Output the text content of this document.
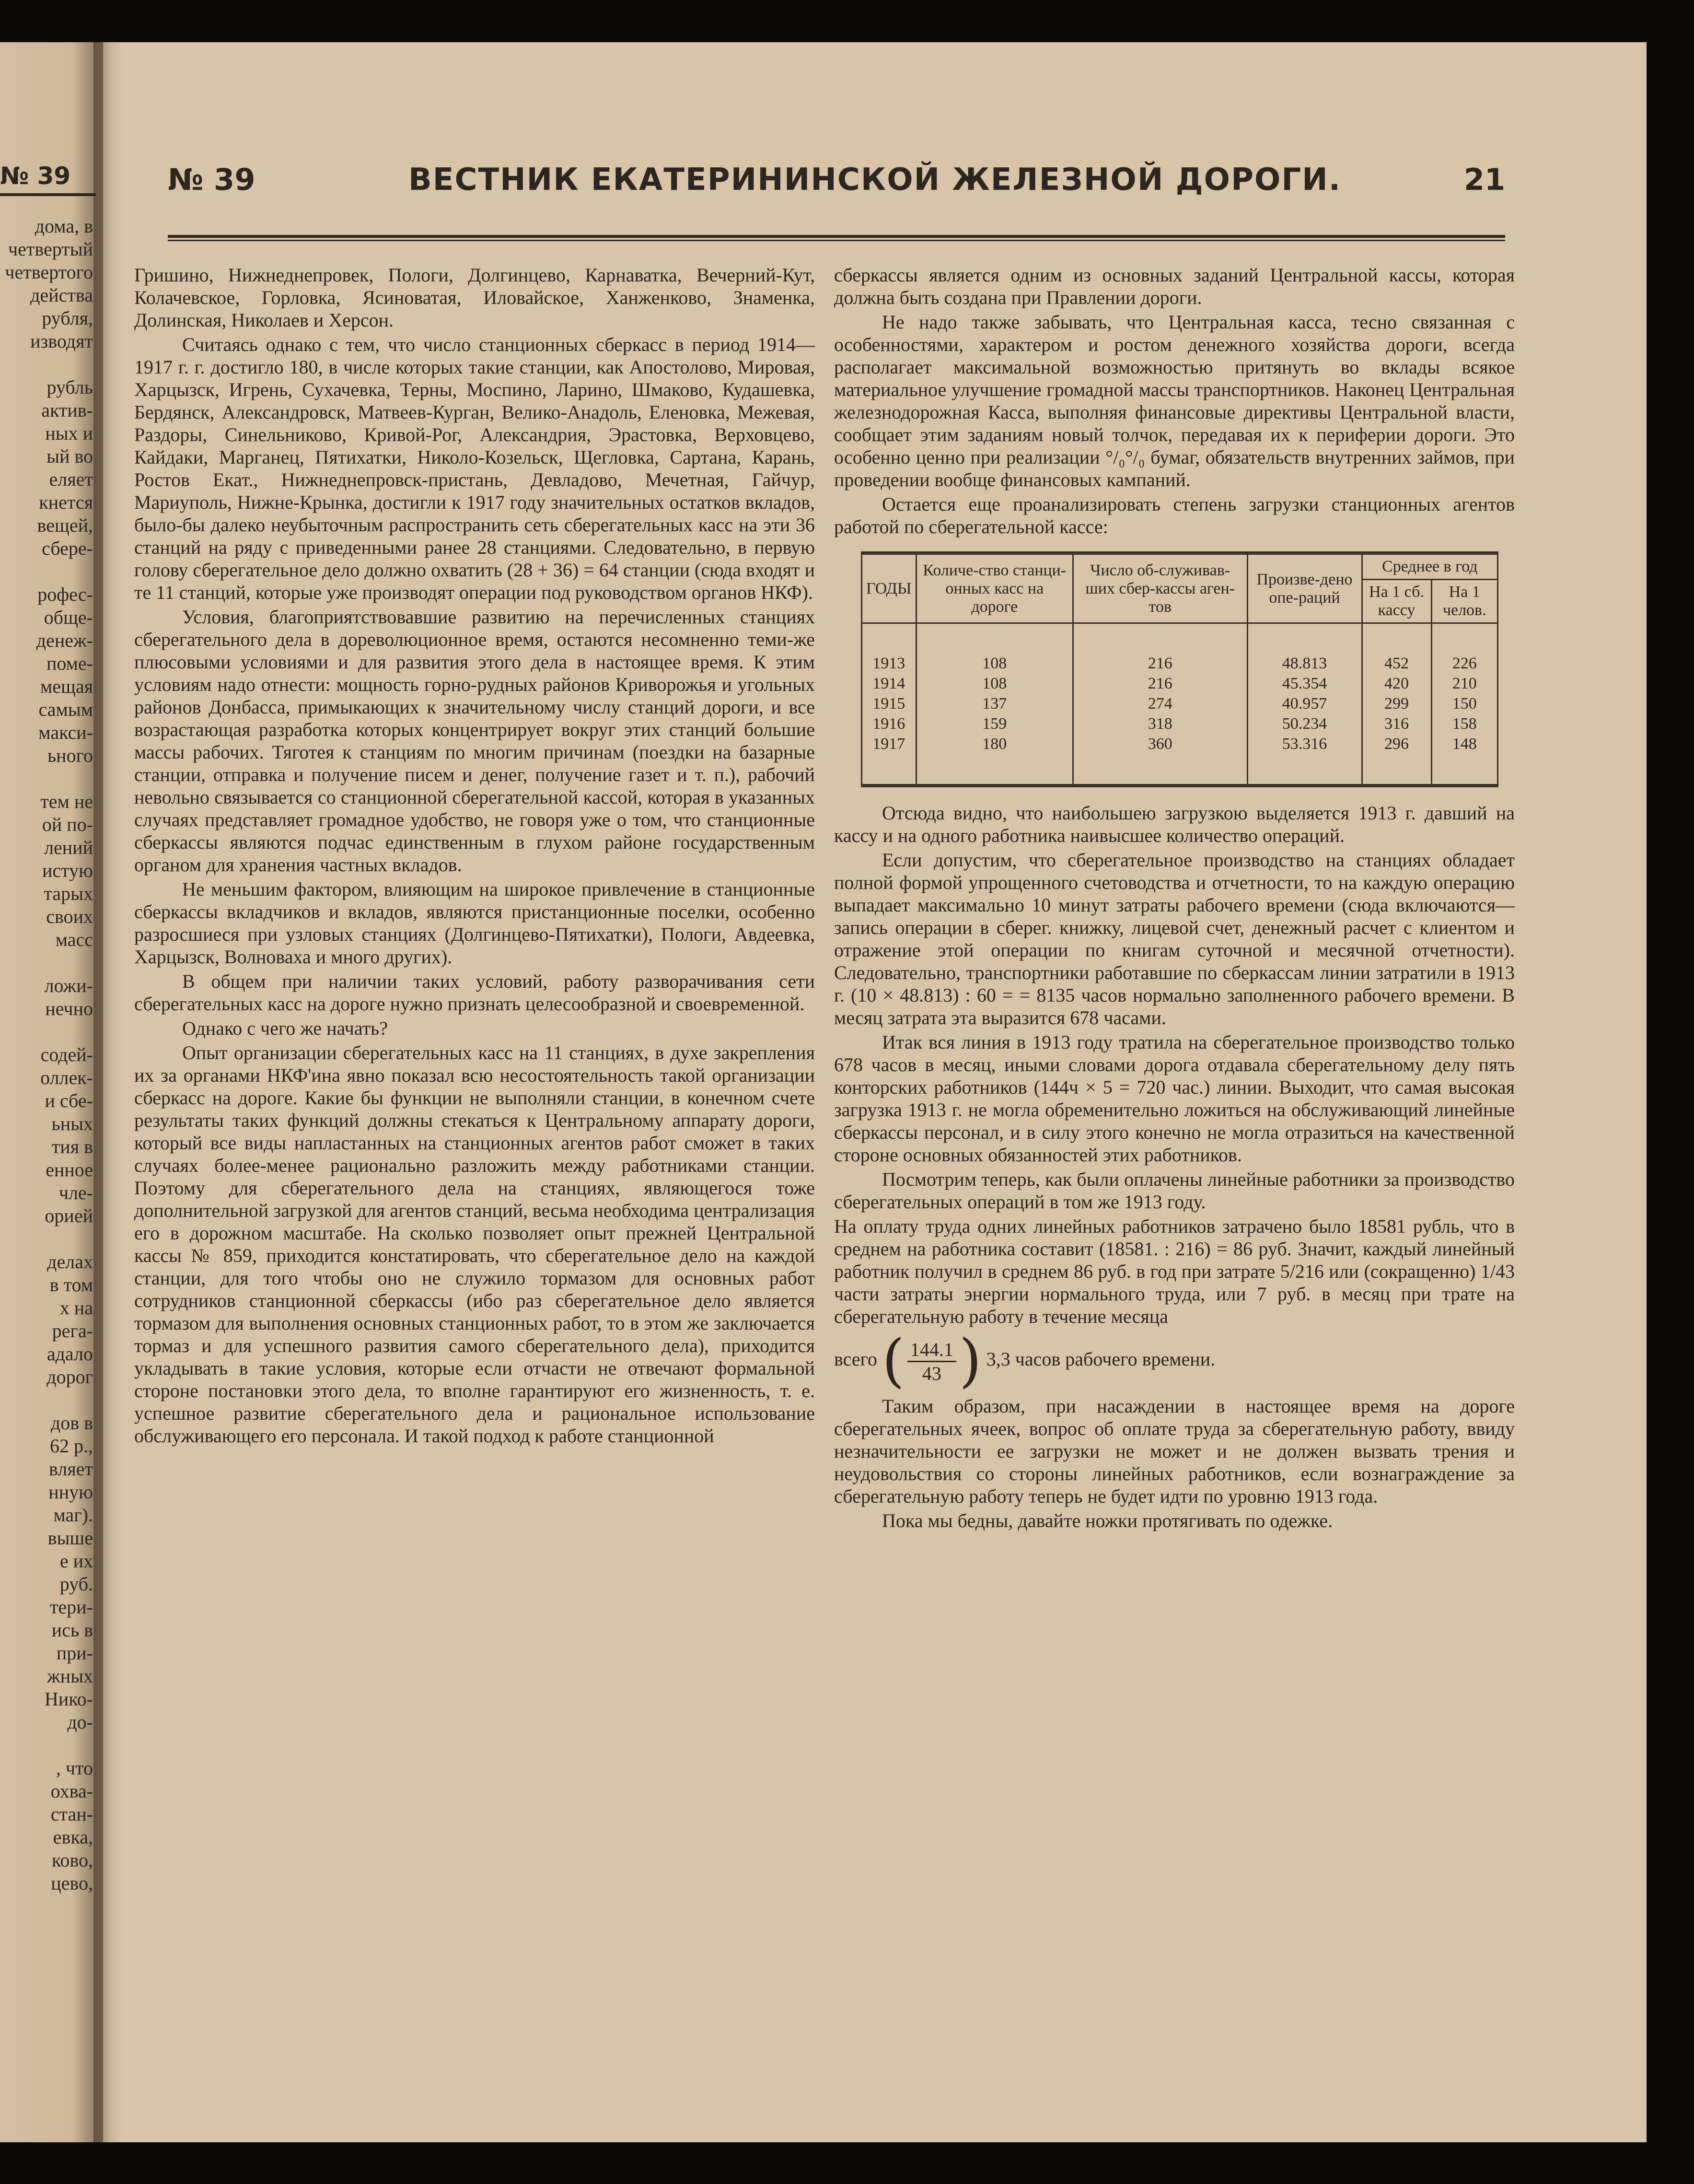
№ 39
дома, в
четвертый
четвертого
действа
рубля,
изводят
рубль
актив-
ных и
ый во
еляет
кнется
вещей,
сбере-
рофес-
обще-
денеж-
поме-
мещая
самым
макси-
ьного
тем не
ой по-
лений
истую
тарых
своих
масс
ложи-
нечно
содей-
оллек-
и сбе-
ьных
тия в
енное
члe-
орией
делах
в том
х на
рега-
адало
дорог
дов в
62 р.,
вляет
нную
маг).
выше
е их
руб.
тери-
ись в
при-
жных
Нико-
до-
, что
охва-
стан-
евка,
ково,
цево,
№ 39	ВЕСТНИК ЕКАТЕРИНИНСКОЙ ЖЕЛЕЗНОЙ ДОРОГИ.	21

Гришино, Нижнеднепровек, Пологи, Долгинцево, Карнаватка, Вечерний-Кут, Колачевское, Горловка, Ясиноватая, Иловайское, Ханженково, Знаменка, Долинская, Николаев и Херсон.

Считаясь однако с тем, что число станционных сберкасс в период 1914—1917 г. г. достигло 180, в числе которых такие станции, как Апостолово, Мировая, Харцызск, Игрень, Сухачевка, Терны, Моспино, Ларино, Шмаково, Кудашевка, Бердянск, Александровск, Матвеев-Курган, Велико-Анадоль, Еленовка, Межевая, Раздоры, Синельниково, Кривой-Рог, Александрия, Эрастовка, Верховцево, Кайдаки, Марганец, Пятихатки, Николо-Козельск, Щегловка, Сартана, Карань, Ростов Екат., Нижнеднепровск-пристань, Девладово, Мечетная, Гайчур, Мариуполь, Нижне-Крынка, достигли к 1917 году значительных остатков вкладов, было-бы далеко неубыточным распространить сеть сберегательных касс на эти 36 станций на ряду с приведенными ранее 28 станциями. Следовательно, в первую голову сберегательное дело должно охватить (28 + 36) = 64 станции (сюда входят и те 11 станций, которые уже производят операции под руководством органов НКФ).

Условия, благоприятствовавшие развитию на перечисленных станциях сберегательного дела в дореволюционное время, остаются несомненно теми-же плюсовыми условиями и для развития этого дела в настоящее время. К этим условиям надо отнести: мощность горно-рудных районов Криворожья и угольных районов Донбасса, примыкающих к значительному числу станций дороги, и все возрастающая разработка которых концентрирует вокруг этих станций большие массы рабочих. Тяготея к станциям по многим причинам (поездки на базарные станции, отправка и получение писем и денег, получение газет и т. п.), рабочий невольно связывается со станционной сберегательной кассой, которая в указанных случаях представляет громадное удобство, не говоря уже о том, что станционные сберкассы являются подчас единственным в глухом районе государственным органом для хранения частных вкладов.

Не меньшим фактором, влияющим на широкое привлечение в станционные сберкассы вкладчиков и вкладов, являются пристанционные поселки, особенно разросшиеся при узловых станциях (Долгинцево-Пятихатки), Пологи, Авдеевка, Харцызск, Волноваха и много других).

В общем при наличии таких условий, работу разворачивания сети сберегательных касс на дороге нужно признать целесообразной и своевременной.

Однако с чего же начать?

Опыт организации сберегательных касс на 11 станциях, в духе закрепления их за органами НКФ'ина явно показал всю несостоятельность такой организации сберкасс на дороге. Какие бы функции не выполняли станции, в конечном счете результаты таких функций должны стекаться к Центральному аппарату дороги, который все виды напластанных на станционных агентов работ сможет в таких случаях более-менее рационально разложить между работниками станции. Поэтому для сберегательного дела на станциях, являющегося тоже дополнительной загрузкой для агентов станций, весьма необходима централизация его в дорожном масштабе. На сколько позволяет опыт прежней Центральной кассы № 859, приходится констатировать, что сберегательное дело на каждой станции, для того чтобы оно не служило тормазом для основных работ сотрудников станционной сберкассы (ибо раз сберегательное дело является тормазом для выполнения основных станционных работ, то в этом же заключается тормаз и для успешного развития самого сберегательного дела), приходится укладывать в такие условия, которые если отчасти не отвечают формальной стороне постановки этого дела, то вполне гарантируют его жизненность, т. е. успешное развитие сберегательного дела и рациональное использование обслуживающего его персонала. И такой подход к работе станционной

сберкассы является одним из основных заданий Центральной кассы, которая должна быть создана при Правлении дороги.

Не надо также забывать, что Центральная касса, тесно связанная с особенностями, характером и ростом денежного хозяйства дороги, всегда располагает максимальной возможностью притянуть во вклады всякое материальное улучшение громадной массы транспортников. Наконец Центральная железнодорожная Касса, выполняя финансовые директивы Центральной власти, сообщает этим заданиям новый толчок, передавая их к периферии дороги. Это особенно ценно при реализации °/₀°/₀ бумаг, обязательств внутренних займов, при проведении вообще финансовых кампаний.

Остается еще проанализировать степень загрузки станционных агентов работой по сберегательной кассе:

ГОДЫ	Количе-ство станци-онных касс на дороге	Число об-служивав-ших сбер-кассы аген-тов	Произве-дено опе-раций	Среднее в год	
				На 1 сб. кассу	На 1 челов.
1913	108	216	48.813	452	226
1914	108	216	45.354	420	210
1915	137	274	40.957	299	150
1916	159	318	50.234	316	158
1917	180	360	53.316	296	148

Отсюда видно, что наибольшею загрузкою выделяется 1913 г. давший на кассу и на одного работника наивысшее количество операций.

Если допустим, что сберегательное производство на станциях обладает полной формой упрощенного счетоводства и отчетности, то на каждую операцию выпадает максимально 10 минут затраты рабочего времени (сюда включаются—запись операции в сберег. книжку, лицевой счет, денежный расчет с клиентом и отражение этой операции по книгам суточной и месячной отчетности). Следовательно, транспортники работавшие по сберкассам линии затратили в 1913 г. (10 × 48.813) : 60 = = 8135 часов нормально заполненного рабочего времени. В месяц затрата эта выразится 678 часами.

Итак вся линия в 1913 году тратила на сберегательное производство только 678 часов в месяц, иными словами дорога отдавала сберегательному делу пять конторских работников (144ч × 5 = 720 час.) линии. Выходит, что самая высокая загрузка 1913 г. не могла обременительно ложиться на обслуживающий линейные сберкассы персонал, и в силу этого конечно не могла отразиться на качественной стороне основных обязанностей этих работников.

Посмотрим теперь, как были оплачены линейные работники за производство сберегательных операций в том же 1913 году.

На оплату труда одних линейных работников затрачено было 18581 рубль, что в среднем на работника составит (18581. : 216) = 86 руб. Значит, каждый линейный работник получил в среднем 86 руб. в год при затрате 5/216 или (сокращенно) 1/43 части затраты энергии нормального труда, или 7 руб. в месяц при трате на сберегательную работу в течение месяца

всего ( $\frac{144.1}{43}$ ) 3,3 часов рабочего времени.

Таким образом, при насаждении в настоящее время на дороге сберегательных ячеек, вопрос об оплате труда за сберегательную работу, ввиду незначительности ее загрузки не может и не должен вызвать трения и неудовольствия со стороны линейных работников, если вознаграждение за сберегательную работу теперь не будет идти по уровню 1913 года.

Пока мы бедны, давайте ножки протягивать по одежке.
